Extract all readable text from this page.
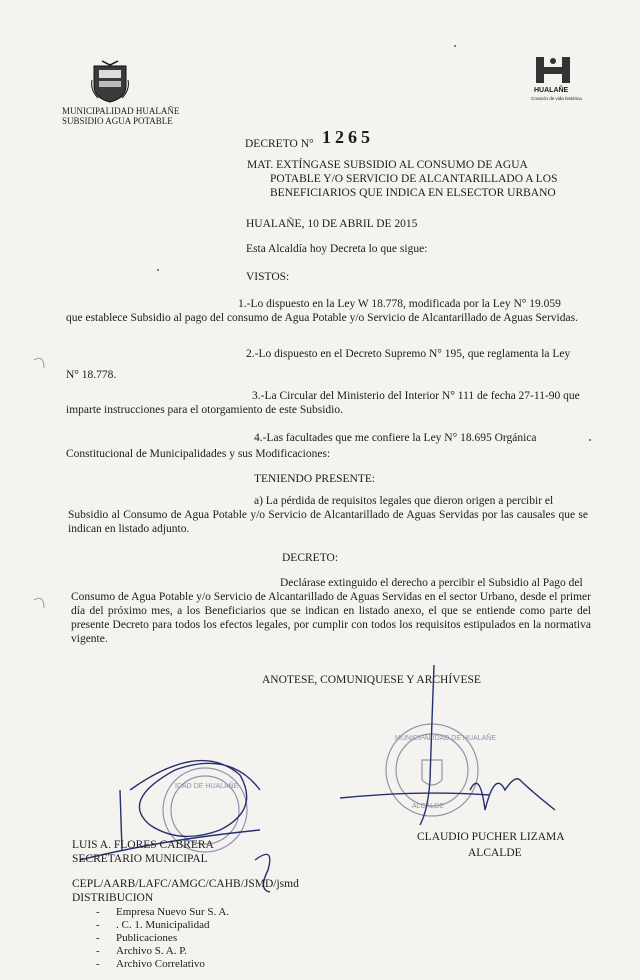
MUNICIPALIDAD HUALAÑE
SUBSIDIO AGUA POTABLE
HUALAÑE
Corazón de vida histórica
DECRETO N° 1265
MAT. EXTÍNGASE SUBSIDIO AL CONSUMO DE AGUA
POTABLE Y/O SERVICIO DE ALCANTARILLADO A LOS
BENEFICIARIOS QUE INDICA EN ELSECTOR URBANO
HUALAÑE, 10 DE ABRIL DE 2015
Esta Alcaldía hoy Decreta lo que sigue:
VISTOS:
1.-Lo dispuesto en la Ley W 18.778, modificada por la Ley N° 19.059
que establece Subsidio al pago del consumo de Agua Potable y/o Servicio de Alcantarillado de Aguas Servidas.
2.-Lo dispuesto en el Decreto Supremo N° 195, que reglamenta la Ley
N° 18.778.
3.-La Circular del Ministerio del Interior N° 111 de fecha 27-11-90 que
imparte instrucciones para el otorgamiento de este Subsidio.
4.-Las facultades que me confiere la Ley N° 18.695 Orgánica
Constitucional de Municipalidades y sus Modificaciones:
TENIENDO PRESENTE:
a) La pérdida de requisitos legales que dieron origen a percibir el
Subsidio al Consumo de Agua Potable y/o Servicio de Alcantarillado de Aguas Servidas por las causales que se indican en listado adjunto.
DECRETO:
Declárase extinguido el derecho a percibir el Subsidio al Pago del
Consumo de Agua Potable y/o Servicio de Alcantarillado de Aguas Servidas en el sector Urbano, desde el primer día del próximo mes, a los Beneficiarios que se indican en listado anexo, el que se entiende como parte del presente Decreto para todos los efectos legales, por cumplir con todos los requisitos estipulados en la normativa vigente.
ANOTESE, COMUNIQUESE Y ARCHÍVESE
IDAD DE HUALAÑE
MUNICIPALIDAD DE HUALAÑE
ALCALDE
LUIS A. FLORES CABRERA
SECRETARIO MUNICIPAL
CLAUDIO PUCHER LIZAMA
ALCALDE
CEPL/AARB/LAFC/AMGC/CAHB/JSMD/jsmd
DISTRIBUCION
- Empresa Nuevo Sur S. A.
- . C. 1. Municipalidad
- Publicaciones
- Archivo S. A. P.
- Archivo Correlativo
